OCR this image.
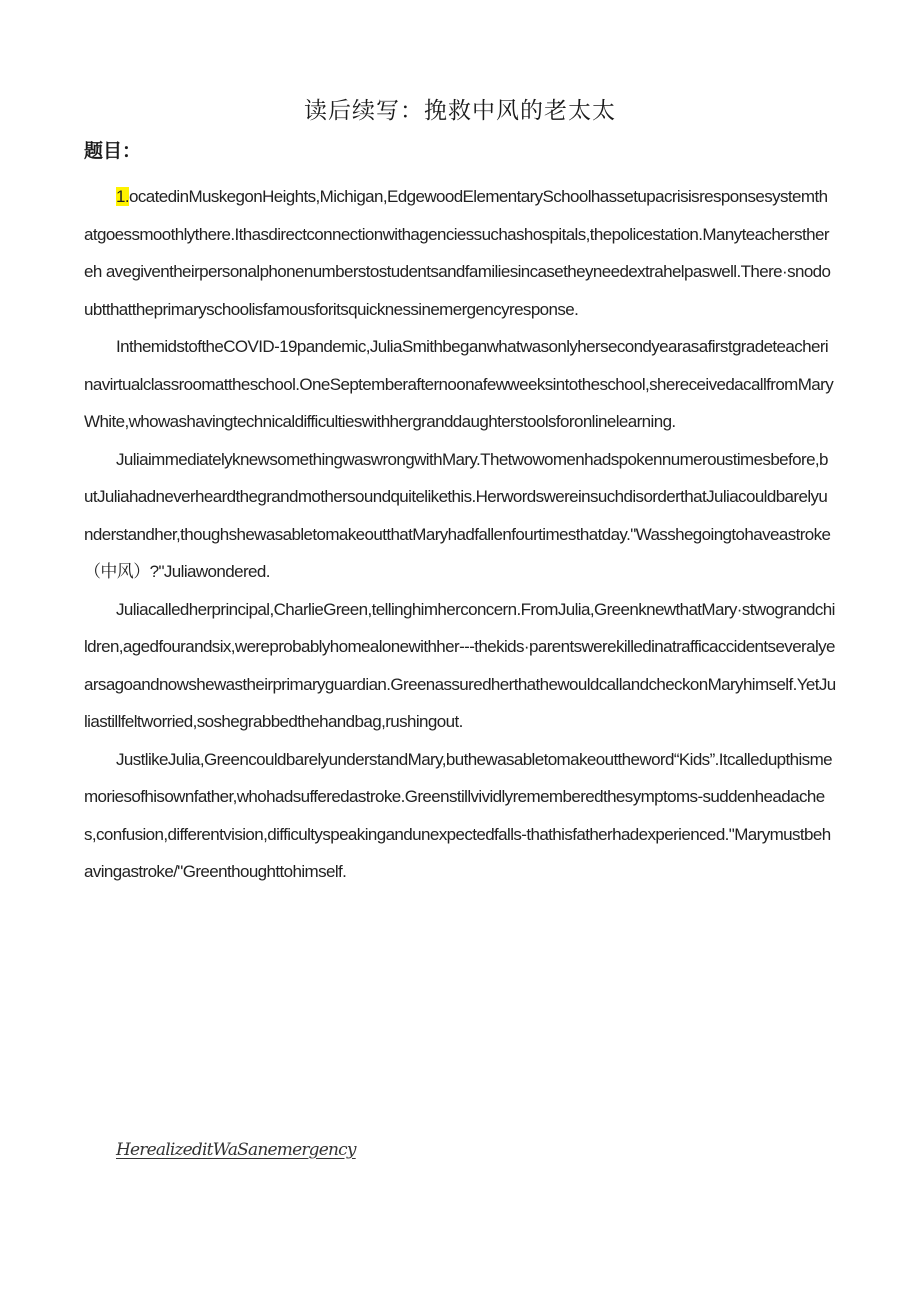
读后续写：挽救中风的老太太
题目：

1.ocatedinMuskegonHeights,Michigan,EdgewoodElementarySchoolhassetupacrisisresponsesystemthatgoessmoothlythere.Ithasdirectconnectionwithagenciessuchashospitals,thepolicestation.Manyteachersthereh avegiventheirpersonalphonenumberstostudentsandfamiliesincasetheyneedextrahelpaswell.There·snodoubtthattheprimaryschoolisfamousforitsquicknessinemergencyresponse.

InthemidstoftheCOVID-19pandemic,JuliaSmithbeganwhatwasonlyhersecondyearasafirstgradeteacherinavirtualclassroomattheschool.OneSeptemberafternoonafewweeksintotheschool,shereceivedacallfromMaryWhite,whowashavingtechnicaldifficultieswithhergranddaughterstoolsforonlinelearning.

JuliaimmediatelyknewsomethingwaswrongwithMary.Thetwowomenhadspokennumeroustimesbefore,butJuliahadneverheardthegrandmothersoundquitelikethis.HerwordswereinsuchdisorderthatJuliacouldbarelyunderstandher,thoughshewasabletomakeoutthatMaryhadfallenfourtimesthatday."Wasshegoingtohaveastroke（中风）?"Juliawondered.

Juliacalledherprincipal,CharlieGreen,tellinghimherconcern.FromJulia,GreenknewthatMary·stwograndchildren,agedfourandsix,wereprobablyhomealonewithher---thekids·parentswerekilledinatrafficaccidentseveralyearsagoandnowshewastheirprimaryguardian.GreenassuredherthathewouldcallandcheckonMaryhimself.YetJuliastillfeltworried,soshegrabbedthehandbag,rushingout.

JustlikeJulia,GreencouldbarelyunderstandMary,buthewasabletomakeouttheword“Kids”.Itcalledupthismemoriesofhisownfather,whohadsufferedastroke.Greenstillvividlyrememberedthesymptoms-suddenheadaches,confusion,differentvision,difficultyspeakingandunexpectedfalls-thathisfatherhadexperienced."Marymustbehavingastroke/"Greenthoughttohimself.

HerealizeditWaSanemergency
